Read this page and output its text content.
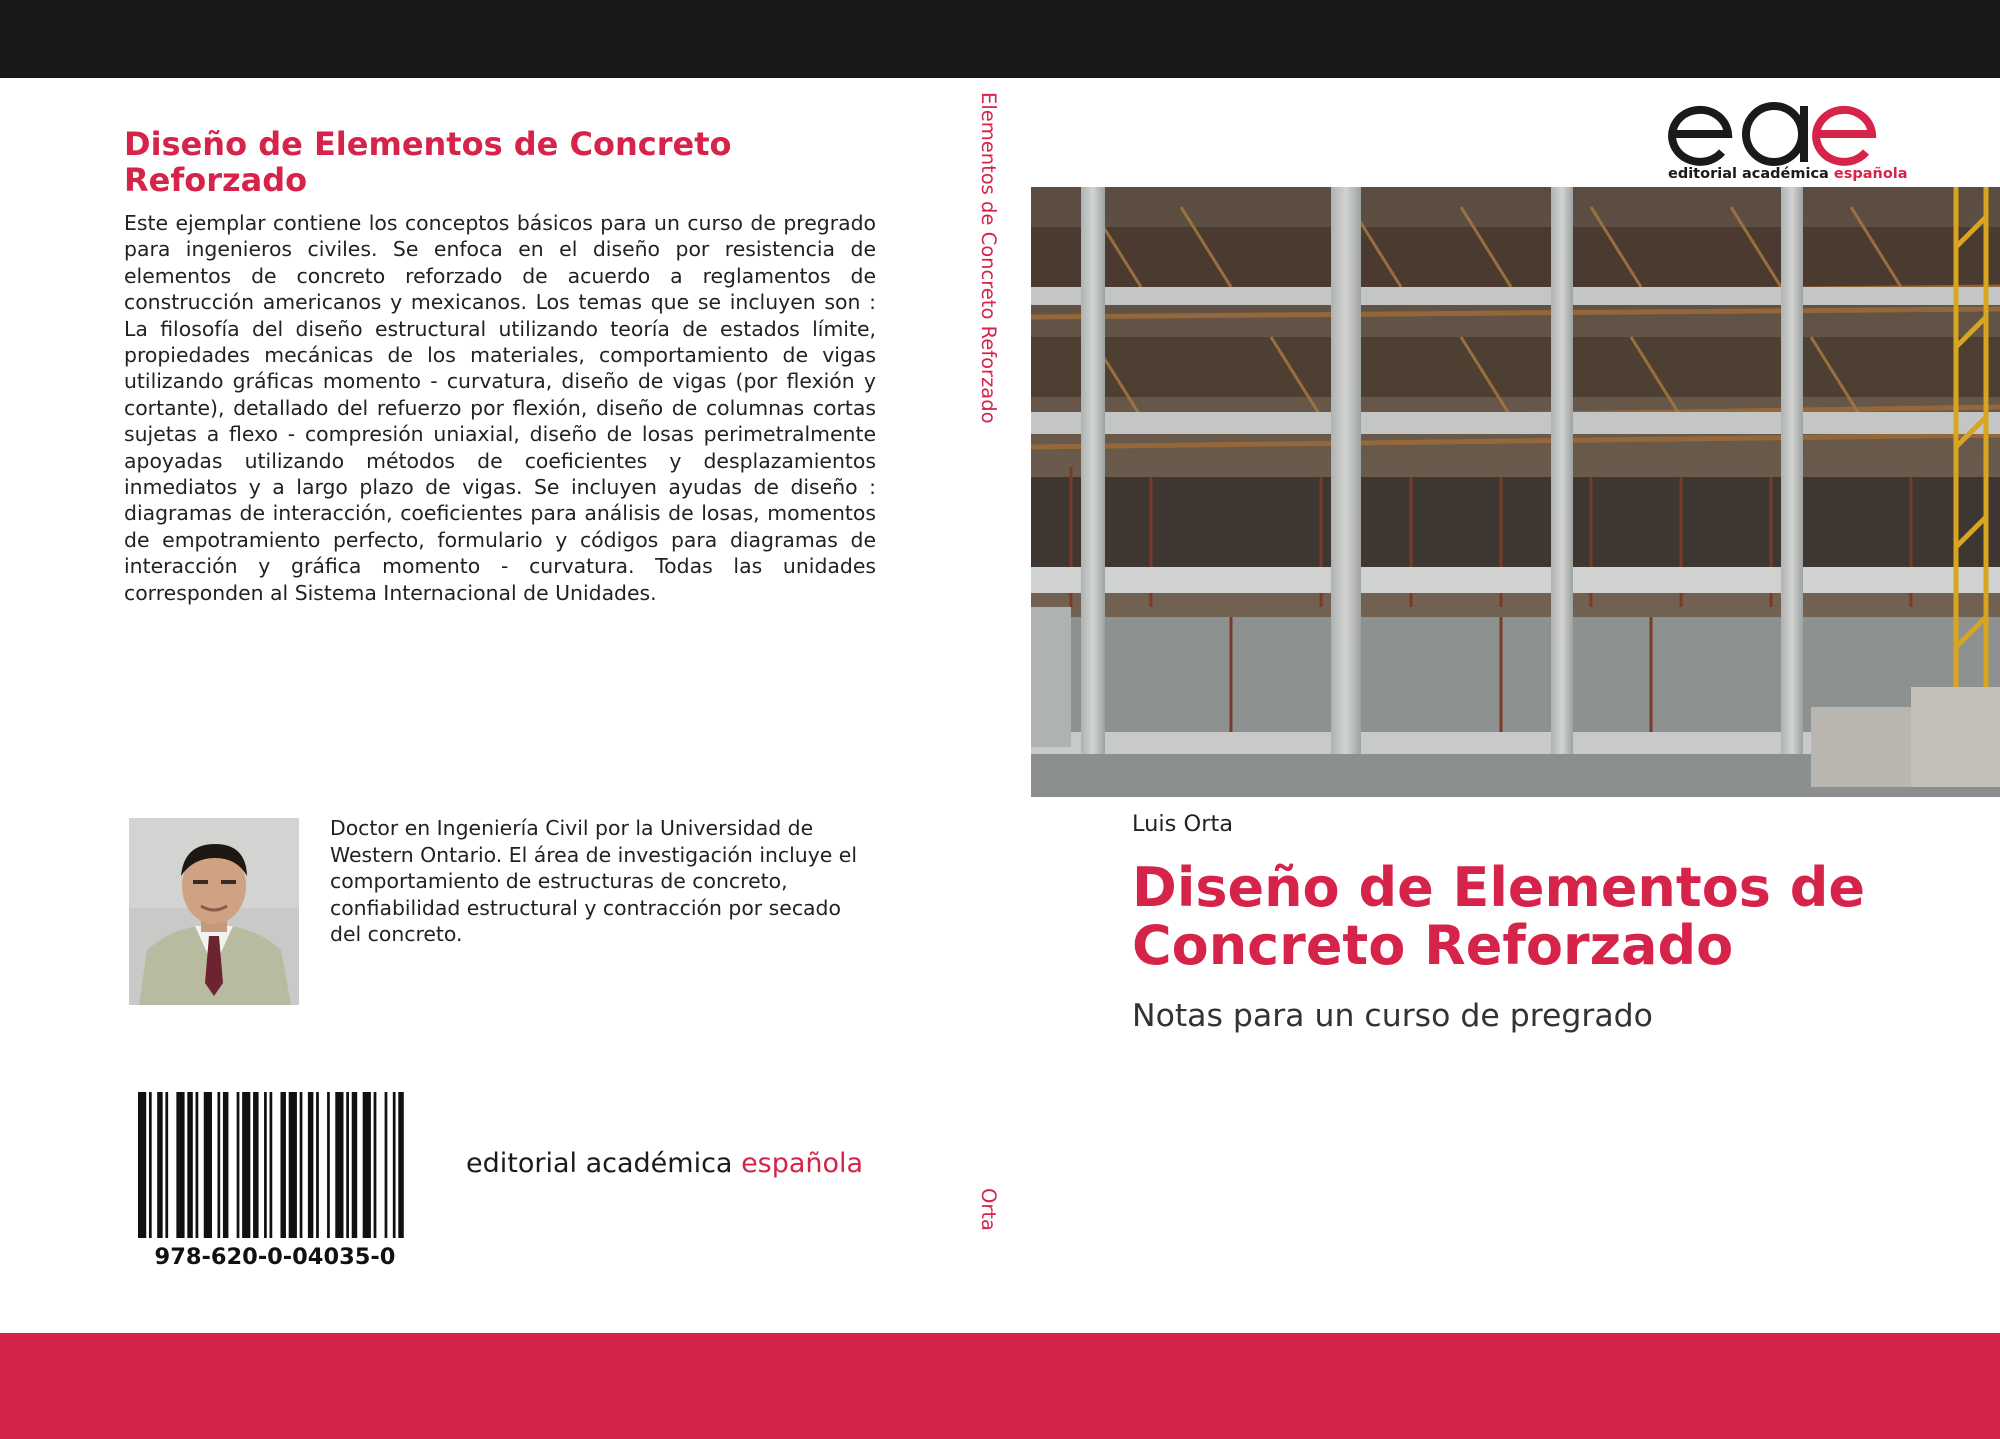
Diseño de Elementos de Concreto Reforzado
Este ejemplar contiene los conceptos básicos para un curso de pregrado para ingenieros civiles. Se enfoca en el diseño por resistencia de elementos de concreto reforzado de acuerdo a reglamentos de construcción americanos y mexicanos. Los temas que se incluyen son : La filosofía del diseño estructural utilizando teoría de estados límite, propiedades mecánicas de los materiales, comportamiento de vigas utilizando gráficas momento - curvatura, diseño de vigas (por flexión y cortante), detallado del refuerzo por flexión, diseño de columnas cortas sujetas a flexo - compresión uniaxial, diseño de losas perimetralmente apoyadas utilizando métodos de coeficientes y desplazamientos inmediatos y a largo plazo de vigas. Se incluyen ayudas de diseño : diagramas de interacción, coeficientes para análisis de losas, momentos de empotramiento perfecto, formulario y códigos para diagramas de interacción y gráfica momento - curvatura. Todas las unidades corresponden al Sistema Internacional de Unidades.
Doctor en Ingeniería Civil por la Universidad de Western Ontario. El área de investigación incluye el comportamiento de estructuras de concreto, confiabilidad estructural y contracción por secado del concreto.
978-620-0-04035-0
editorial académica española
Elementos de Concreto Reforzado
Orta
editorial académica española
Luis Orta
Diseño de Elementos de Concreto Reforzado
Notas para un curso de pregrado
